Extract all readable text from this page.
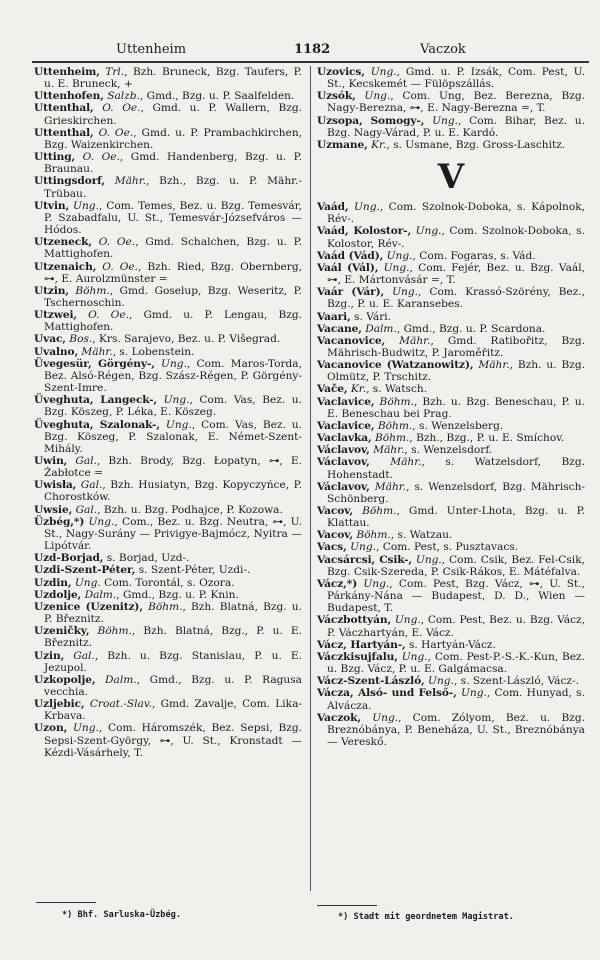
Uttenheim	1182	Vaczok

Uttenheim, Trl., Bzh. Bruneck, Bzg. Taufers, P. u. E. Bruneck, +

Uttenhofen, Salzb., Gmd., Bzg. u. P. Saalfelden.

Uttenthal, O. Oe., Gmd. u. P. Wallern, Bzg. Grieskirchen.

Uttenthal, O. Oe., Gmd. u. P. Prambachkirchen, Bzg. Waizenkirchen.

Utting, O. Oe., Gmd. Handenberg, Bzg. u. P. Braunau.

Uttingsdorf, Mähr., Bzh., Bzg. u. P. Mähr.-Trübau.

Utvin, Ung., Com. Temes, Bez. u. Bzg. Temesvár, P. Szabadfalu, U. St., Temesvár-Józsefváros — Hódos.

Utzeneck, O. Oe., Gmd. Schalchen, Bzg. u. P. Mattighofen.

Utzenaich, O. Oe., Bzh. Ried, Bzg. Obernberg, ⊶, E. Aurolzmünster =

Utzin, Böhm., Gmd. Goselup, Bzg. Weseritz, P. Tschernoschin.

Utzwei, O. Oe., Gmd. u. P. Lengau, Bzg. Mattighofen.

Uvac, Bos., Krs. Sarajevo, Bez. u. P. Višegrad.

Uvalno, Mähr., s. Lobenstein.

Üvegesür, Görgény-, Ung., Com. Maros-Torda, Bez. Alsó-Régen, Bzg. Szász-Régen, P. Görgény-Szent-Imre.

Üveghuta, Langeck-, Ung., Com. Vas, Bez. u. Bzg. Köszeg, P. Léka, E. Köszeg.

Üveghuta, Szalonak-, Ung., Com. Vas, Bez. u. Bzg. Köszeg, P. Szalonak, E. Német-Szent-Mihály.

Uwin, Gal., Bzh. Brody, Bzg. Łopatyn, ⊶, E. Żabłotce =

Uwisła, Gal., Bzh. Husiatyn, Bzg. Kopyczyńce, P. Chorostków.

Uwsie, Gal., Bzh. u. Bzg. Podhajce, P. Kozowa.

Üzbég,*) Ung., Com., Bez. u. Bzg. Neutra, ⊶, U. St., Nagy-Surány — Privigye-Bajmócz, Nyitra — Lipótvár.

Uzd-Borjad, s. Borjad, Uzd-.

Uzdi-Szent-Péter, s. Szent-Péter, Uzdi-.

Uzdin, Ung. Com. Torontál, s. Ozora.

Uzdolje, Dalm., Gmd., Bzg. u. P. Knin.

Uzenice (Uzenitz), Böhm., Bzh. Blatná, Bzg. u. P. Březnitz.

Uzeničky, Böhm., Bzh. Blatná, Bzg., P. u. E. Březnitz.

Uzin, Gal., Bzh. u. Bzg. Stanislau, P. u. E. Jezupol.

Uzkopolje, Dalm., Gmd., Bzg. u. P. Ragusa vecchia.

Uzljebic, Croat.-Slav., Gmd. Zavalje, Com. Lika-Krbava.

Uzon, Ung., Com. Háromszék, Bez. Sepsi, Bzg. Sepsi-Szent-György, ⊶, U. St., Kronstadt — Kézdi-Vásárhely, T.

Uzovics, Ung., Gmd. u. P. Izsák, Com. Pest, U. St., Kecskemét — Fülöpszállás.

Uzsók, Ung., Com. Ung, Bez. Berezna, Bzg. Nagy-Berezna, ⊶, E. Nagy-Berezna =, T.

Uzsopa, Somogy-, Ung., Com. Bihar, Bez. u. Bzg. Nagy-Várad, P. u. E. Kardó.

Uzmane, Kr., s. Usmane, Bzg. Gross-Laschitz.

V

Vaád, Ung., Com. Szolnok-Doboka, s. Kápolnok, Rév-.

Vaád, Kolostor-, Ung., Com. Szolnok-Doboka, s. Kolostor, Rév-.

Vaád (Vád), Ung., Com. Fogaras, s. Vád.

Vaál (Vál), Ung., Com. Fejér, Bez. u. Bzg. Vaál, ⊶, E. Mártonvásár =, T.

Vaár (Vár), Ung., Com. Krassó-Szörény, Bez., Bzg., P. u. E. Karansebes.

Vaari, s. Vári.

Vacane, Dalm., Gmd., Bzg. u. P. Scardona.

Vacanovice, Mähr., Gmd. Ratibořitz, Bzg. Mährisch-Budwitz, P. Jaroměřitz.

Vacanovice (Watzanowitz), Mähr., Bzh. u. Bzg. Olmütz, P. Trschitz.

Vače, Kr., s. Watsch.

Vaclavice, Böhm., Bzh. u. Bzg. Beneschau, P. u. E. Beneschau bei Prag.

Vaclavice, Böhm., s. Wenzelsberg.

Vaclavka, Böhm., Bzh., Bzg., P. u. E. Smíchov.

Václavov, Mähr., s. Wenzelsdorf.

Václavov, Mähr., s. Watzelsdorf, Bzg. Hohenstadt.

Václavov, Mähr., s. Wenzelsdorf, Bzg. Mährisch-Schönberg.

Vacov, Böhm., Gmd. Unter-Lhota, Bzg. u. P. Klattau.

Vacov, Böhm., s. Watzau.

Vacs, Ung., Com. Pest, s. Pusztavacs.

Vacsárcsi, Csik-, Ung., Com. Csik, Bez. Fel-Csik, Bzg. Csik-Szereda, P. Csik-Rákos, E. Mátéfalva.

Vácz,*) Ung., Com. Pest, Bzg. Vácz, ⊶, U. St., Párkány-Nána — Budapest, D. D., Wien — Budapest, T.

Váczbottyán, Ung., Com. Pest, Bez. u. Bzg. Vácz, P. Váczhartyán, E. Vácz.

Vácz, Hartyán-, s. Hartyán-Vácz.

Váczkisujfalu, Ung., Com. Pest-P.-S.-K.-Kun, Bez. u. Bzg. Vácz, P. u. E. Galgámacsa.

Vácz-Szent-László, Ung., s. Szent-László, Vácz-.

Vácza, Alsó- und Felső-, Ung., Com. Hunyad, s. Alvácza.

Vaczok, Ung., Com. Zólyom, Bez. u. Bzg. Breznóbánya, P. Beneháza, U. St., Breznóbánya — Vereskő.

*) Bhf. Sarluska-Üzbég.	*) Stadt mit geordnetem Magistrat.
